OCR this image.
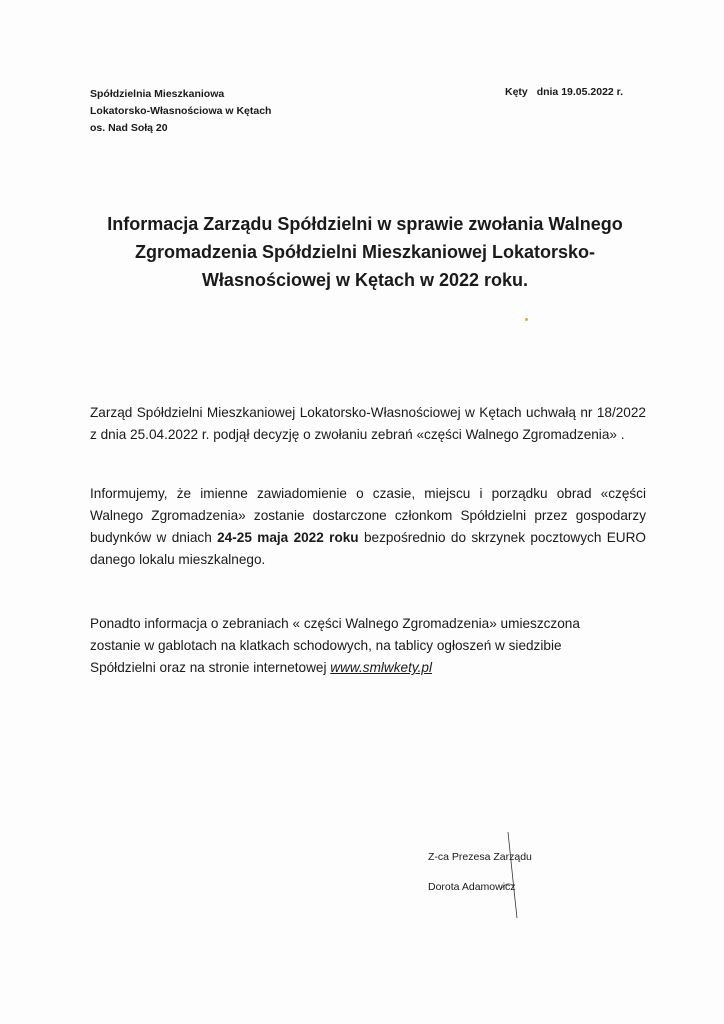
Spółdzielnia Mieszkaniowa
Lokatorsko-Własnościowa w Kętach
os. Nad Sołą 20
Kęty dnia 19.05.2022 r.
Informacja Zarządu Spółdzielni w sprawie zwołania Walnego
Zgromadzenia Spółdzielni Mieszkaniowej Lokatorsko-
Własnościowej w Kętach w 2022 roku.
Zarząd Spółdzielni Mieszkaniowej Lokatorsko-Własnościowej w Kętach uchwałą nr 18/2022 z dnia 25.04.2022 r. podjął decyzję o zwołaniu zebrań «części Walnego Zgromadzenia» .
Informujemy, że imienne zawiadomienie o czasie, miejscu i porządku obrad «części Walnego Zgromadzenia» zostanie dostarczone członkom Spółdzielni przez gospodarzy budynków w dniach 24-25 maja 2022 roku bezpośrednio do skrzynek pocztowych EURO danego lokalu mieszkalnego.
Ponadto informacja o zebraniach « części Walnego Zgromadzenia» umieszczona
zostanie w gablotach na klatkach schodowych, na tablicy ogłoszeń w siedzibie
Spółdzielni oraz na stronie internetowej www.smlwkety.pl
Z-ca Prezesa Zarządu
Dorota Adamowicz
